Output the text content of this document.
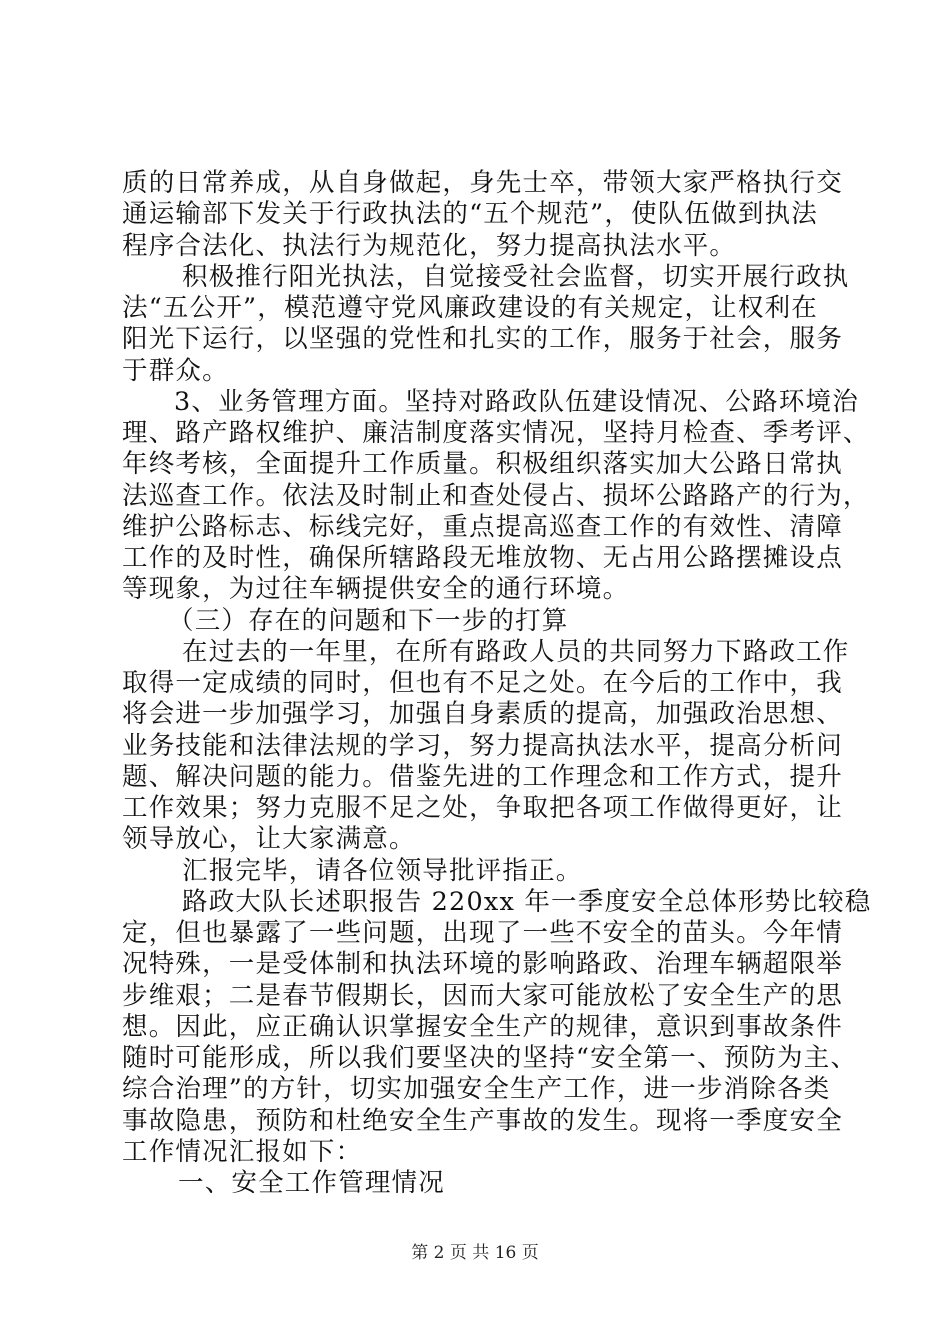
质的日常养成，从自身做起，身先士卒，带领大家严格执行交
通运输部下发关于行政执法的“五个规范”，使队伍做到执法
程序合法化、执法行为规范化，努力提高执法水平。
积极推行阳光执法，自觉接受社会监督，切实开展行政执
法“五公开”，模范遵守党风廉政建设的有关规定，让权利在
阳光下运行，以坚强的党性和扎实的工作，服务于社会，服务
于群众。
3、业务管理方面。坚持对路政队伍建设情况、公路环境治
理、路产路权维护、廉洁制度落实情况，坚持月检查、季考评、
年终考核，全面提升工作质量。积极组织落实加大公路日常执
法巡查工作。依法及时制止和查处侵占、损坏公路路产的行为，
维护公路标志、标线完好，重点提高巡查工作的有效性、清障
工作的及时性，确保所辖路段无堆放物、无占用公路摆摊设点
等现象，为过往车辆提供安全的通行环境。
（三）存在的问题和下一步的打算
在过去的一年里，在所有路政人员的共同努力下路政工作
取得一定成绩的同时，但也有不足之处。在今后的工作中，我
将会进一步加强学习，加强自身素质的提高，加强政治思想、
业务技能和法律法规的学习，努力提高执法水平，提高分析问
题、解决问题的能力。借鉴先进的工作理念和工作方式，提升
工作效果；努力克服不足之处，争取把各项工作做得更好，让
领导放心，让大家满意。
汇报完毕，请各位领导批评指正。
路政大队长述职报告 220xx 年一季度安全总体形势比较稳
定，但也暴露了一些问题，出现了一些不安全的苗头。今年情
况特殊，一是受体制和执法环境的影响路政、治理车辆超限举
步维艰；二是春节假期长，因而大家可能放松了安全生产的思
想。因此，应正确认识掌握安全生产的规律，意识到事故条件
随时可能形成，所以我们要坚决的坚持“安全第一、预防为主、
综合治理”的方针，切实加强安全生产工作，进一步消除各类
事故隐患，预防和杜绝安全生产事故的发生。现将一季度安全
工作情况汇报如下：
一、安全工作管理情况
第 2 页 共 16 页
